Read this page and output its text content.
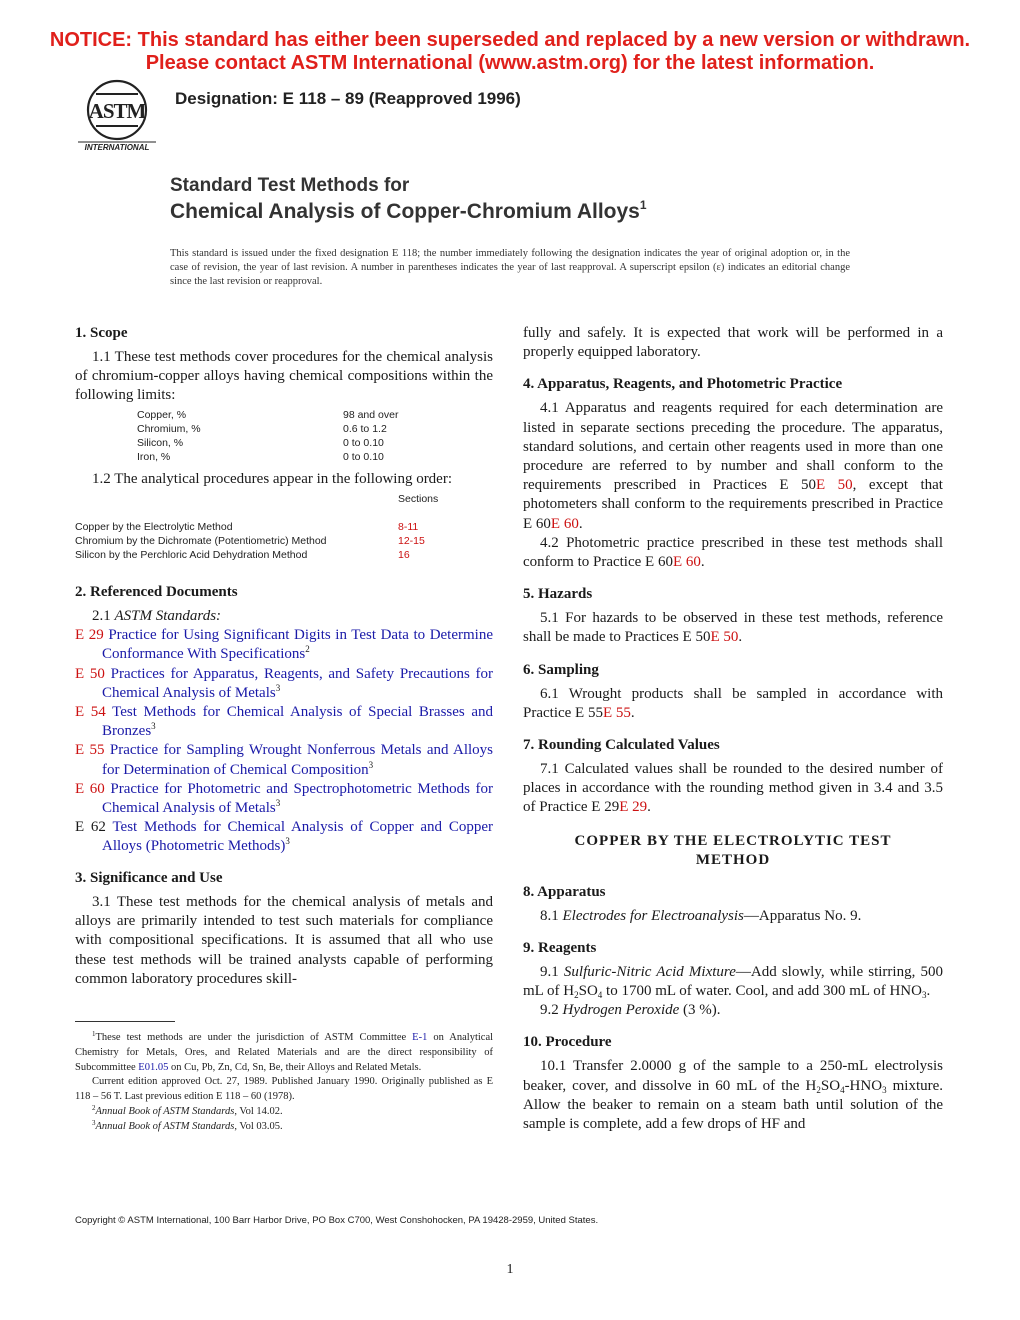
NOTICE: This standard has either been superseded and replaced by a new version or withdrawn.
Please contact ASTM International (www.astm.org) for the latest information.
ASTM
INTERNATIONAL
Designation: E 118 – 89 (Reapproved 1996)
Standard Test Methods for
Chemical Analysis of Copper-Chromium Alloys$^1$
This standard is issued under the fixed designation E 118; the number immediately following the designation indicates the year of original adoption or, in the case of revision, the year of last revision. A number in parentheses indicates the year of last reapproval. A superscript epsilon (ε) indicates an editorial change since the last revision or reapproval.
1. Scope
1.1 These test methods cover procedures for the chemical analysis of chromium-copper alloys having chemical compositions within the following limits:
Copper, %	98 and over
Chromium, %	0.6 to 1.2
Silicon, %	0 to 0.10
Iron, %	0 to 0.10
1.2 The analytical procedures appear in the following order:
Sections
Copper by the Electrolytic Method	8-11
Chromium by the Dichromate (Potentiometric) Method	12-15
Silicon by the Perchloric Acid Dehydration Method	16
2. Referenced Documents
2.1 ASTM Standards:
E 29 Practice for Using Significant Digits in Test Data to Determine Conformance With Specifications$^2$
E 50 Practices for Apparatus, Reagents, and Safety Precautions for Chemical Analysis of Metals$^3$
E 54 Test Methods for Chemical Analysis of Special Brasses and Bronzes$^3$
E 55 Practice for Sampling Wrought Nonferrous Metals and Alloys for Determination of Chemical Composition$^3$
E 60 Practice for Photometric and Spectrophotometric Methods for Chemical Analysis of Metals$^3$
E 62 Test Methods for Chemical Analysis of Copper and Copper Alloys (Photometric Methods)$^3$
3. Significance and Use
3.1 These test methods for the chemical analysis of metals and alloys are primarily intended to test such materials for compliance with compositional specifications. It is assumed that all who use these test methods will be trained analysts capable of performing common laboratory procedures skill-
$^1$These test methods are under the jurisdiction of ASTM Committee E-1 on Analytical Chemistry for Metals, Ores, and Related Materials and are the direct responsibility of Subcommittee E01.05 on Cu, Pb, Zn, Cd, Sn, Be, their Alloys and Related Metals.
Current edition approved Oct. 27, 1989. Published January 1990. Originally published as E 118 – 56 T. Last previous edition E 118 – 60 (1978).
$^2$Annual Book of ASTM Standards, Vol 14.02.
$^3$Annual Book of ASTM Standards, Vol 03.05.
fully and safely. It is expected that work will be performed in a properly equipped laboratory.
4. Apparatus, Reagents, and Photometric Practice
4.1 Apparatus and reagents required for each determination are listed in separate sections preceding the procedure. The apparatus, standard solutions, and certain other reagents used in more than one procedure are referred to by number and shall conform to the requirements prescribed in Practices E 50E 50, except that photometers shall conform to the requirements prescribed in Practice E 60E 60.
4.2 Photometric practice prescribed in these test methods shall conform to Practice E 60E 60.
5. Hazards
5.1 For hazards to be observed in these test methods, reference shall be made to Practices E 50E 50.
6. Sampling
6.1 Wrought products shall be sampled in accordance with Practice E 55E 55.
7. Rounding Calculated Values
7.1 Calculated values shall be rounded to the desired number of places in accordance with the rounding method given in 3.4 and 3.5 of Practice E 29E 29.
COPPER BY THE ELECTROLYTIC TEST METHOD
8. Apparatus
8.1 Electrodes for Electroanalysis—Apparatus No. 9.
9. Reagents
9.1 Sulfuric-Nitric Acid Mixture—Add slowly, while stirring, 500 mL of $H_2SO_4$ to 1700 mL of water. Cool, and add 300 mL of $HNO_3$.
9.2 Hydrogen Peroxide (3 %).
10. Procedure
10.1 Transfer 2.0000 g of the sample to a 250-mL electrolysis beaker, cover, and dissolve in 60 mL of the $H_2SO_4-HNO_3$ mixture. Allow the beaker to remain on a steam bath until solution of the sample is complete, add a few drops of HF and
Copyright © ASTM International, 100 Barr Harbor Drive, PO Box C700, West Conshohocken, PA 19428-2959, United States.
1
